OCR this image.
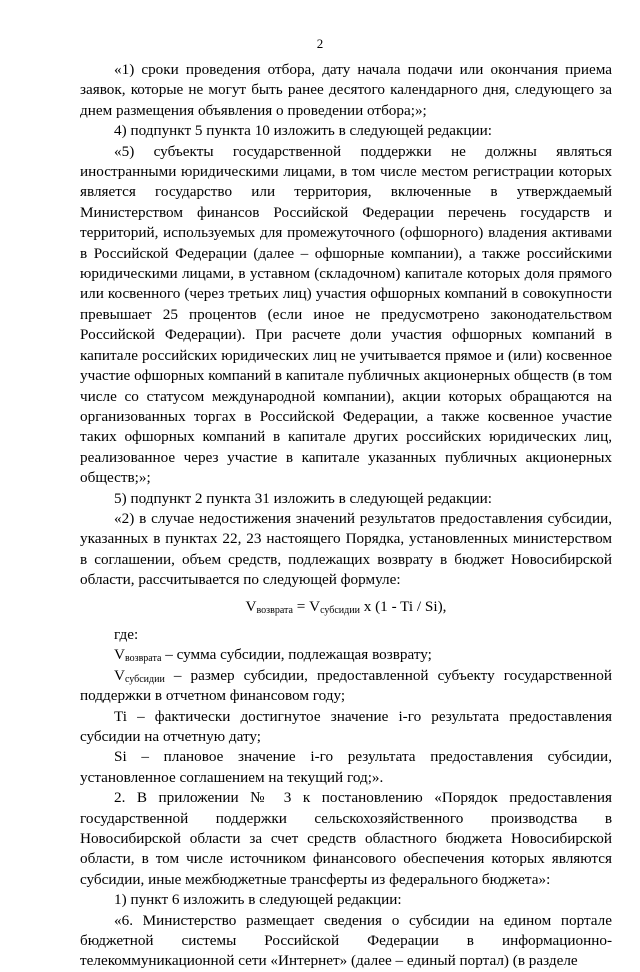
2

«1) сроки проведения отбора, дату начала подачи или окончания приема заявок, которые не могут быть ранее десятого календарного дня, следующего за днем размещения объявления о проведении отбора;»;

4) подпункт 5 пункта 10 изложить в следующей редакции:

«5) субъекты государственной поддержки не должны являться иностранными юридическими лицами, в том числе местом регистрации которых является государство или территория, включенные в утверждаемый Министерством финансов Российской Федерации перечень государств и территорий, используемых для промежуточного (офшорного) владения активами в Российской Федерации (далее – офшорные компании), а также российскими юридическими лицами, в уставном (складочном) капитале которых доля прямого или косвенного (через третьих лиц) участия офшорных компаний в совокупности превышает 25 процентов (если иное не предусмотрено законодательством Российской Федерации). При расчете доли участия офшорных компаний в капитале российских юридических лиц не учитывается прямое и (или) косвенное участие офшорных компаний в капитале публичных акционерных обществ (в том числе со статусом международной компании), акции которых обращаются на организованных торгах в Российской Федерации, а также косвенное участие таких офшорных компаний в капитале других российских юридических лиц, реализованное через участие в капитале указанных публичных акционерных обществ;»;

5) подпункт 2 пункта 31 изложить в следующей редакции:

«2) в случае недостижения значений результатов предоставления субсидии, указанных в пунктах 22, 23 настоящего Порядка, установленных министерством в соглашении, объем средств, подлежащих возврату в бюджет Новосибирской области, рассчитывается по следующей формуле:

$V_{возврата} = V_{субсидии}$ x (1 - Ti / Si),

где:

$V_{возврата}$ – сумма субсидии, подлежащая возврату;

$V_{субсидии}$ – размер субсидии, предоставленной субъекту государственной поддержки в отчетном финансовом году;

Ti – фактически достигнутое значение i-го результата предоставления субсидии на отчетную дату;

Si – плановое значение i-го результата предоставления субсидии, установленное соглашением на текущий год;».

2. В приложении № 3 к постановлению «Порядок предоставления государственной поддержки сельскохозяйственного производства в Новосибирской области за счет средств областного бюджета Новосибирской области, в том числе источником финансового обеспечения которых являются субсидии, иные межбюджетные трансферты из федерального бюджета»:

1) пункт 6 изложить в следующей редакции:

«6. Министерство размещает сведения о субсидии на едином портале бюджетной системы Российской Федерации в информационно-телекоммуникационной сети «Интернет» (далее – единый портал) (в разделе
